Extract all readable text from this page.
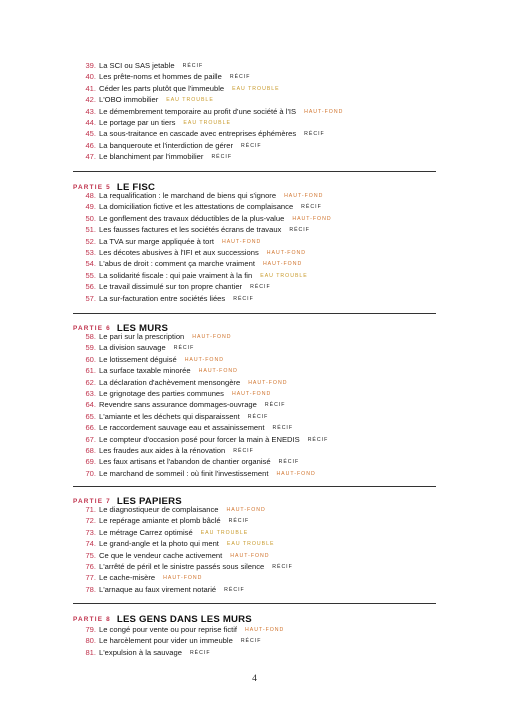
39. La SCI ou SAS jetable RÉCIF
40. Les prête-noms et hommes de paille RÉCIF
41. Céder les parts plutôt que l'immeuble EAU TROUBLE
42. L'OBO immobilier EAU TROUBLE
43. Le démembrement temporaire au profit d'une société à l'IS HAUT-FOND
44. Le portage par un tiers EAU TROUBLE
45. La sous-traitance en cascade avec entreprises éphémères RÉCIF
46. La banqueroute et l'interdiction de gérer RÉCIF
47. Le blanchiment par l'immobilier RÉCIF
PARTIE 5 LE FISC
48. La requalification : le marchand de biens qui s'ignore HAUT-FOND
49. La domiciliation fictive et les attestations de complaisance RÉCIF
50. Le gonflement des travaux déductibles de la plus-value HAUT-FOND
51. Les fausses factures et les sociétés écrans de travaux RÉCIF
52. La TVA sur marge appliquée à tort HAUT-FOND
53. Les décotes abusives à l'IFI et aux successions HAUT-FOND
54. L'abus de droit : comment ça marche vraiment HAUT-FOND
55. La solidarité fiscale : qui paie vraiment à la fin EAU TROUBLE
56. Le travail dissimulé sur ton propre chantier RÉCIF
57. La sur-facturation entre sociétés liées RÉCIF
PARTIE 6 LES MURS
58. Le pari sur la prescription HAUT-FOND
59. La division sauvage RÉCIF
60. Le lotissement déguisé HAUT-FOND
61. La surface taxable minorée HAUT-FOND
62. La déclaration d'achèvement mensongère HAUT-FOND
63. Le grignotage des parties communes HAUT-FOND
64. Revendre sans assurance dommages-ouvrage RÉCIF
65. L'amiante et les déchets qui disparaissent RÉCIF
66. Le raccordement sauvage eau et assainissement RÉCIF
67. Le compteur d'occasion posé pour forcer la main à ENEDIS RÉCIF
68. Les fraudes aux aides à la rénovation RÉCIF
69. Les faux artisans et l'abandon de chantier organisé RÉCIF
70. Le marchand de sommeil : où finit l'investissement HAUT-FOND
PARTIE 7 LES PAPIERS
71. Le diagnostiqueur de complaisance HAUT-FOND
72. Le repérage amiante et plomb bâclé RÉCIF
73. Le métrage Carrez optimisé EAU TROUBLE
74. Le grand-angle et la photo qui ment EAU TROUBLE
75. Ce que le vendeur cache activement HAUT-FOND
76. L'arrêté de péril et le sinistre passés sous silence RÉCIF
77. Le cache-misère HAUT-FOND
78. L'arnaque au faux virement notarié RÉCIF
PARTIE 8 LES GENS DANS LES MURS
79. Le congé pour vente ou pour reprise fictif HAUT-FOND
80. Le harcèlement pour vider un immeuble RÉCIF
81. L'expulsion à la sauvage RÉCIF
4
